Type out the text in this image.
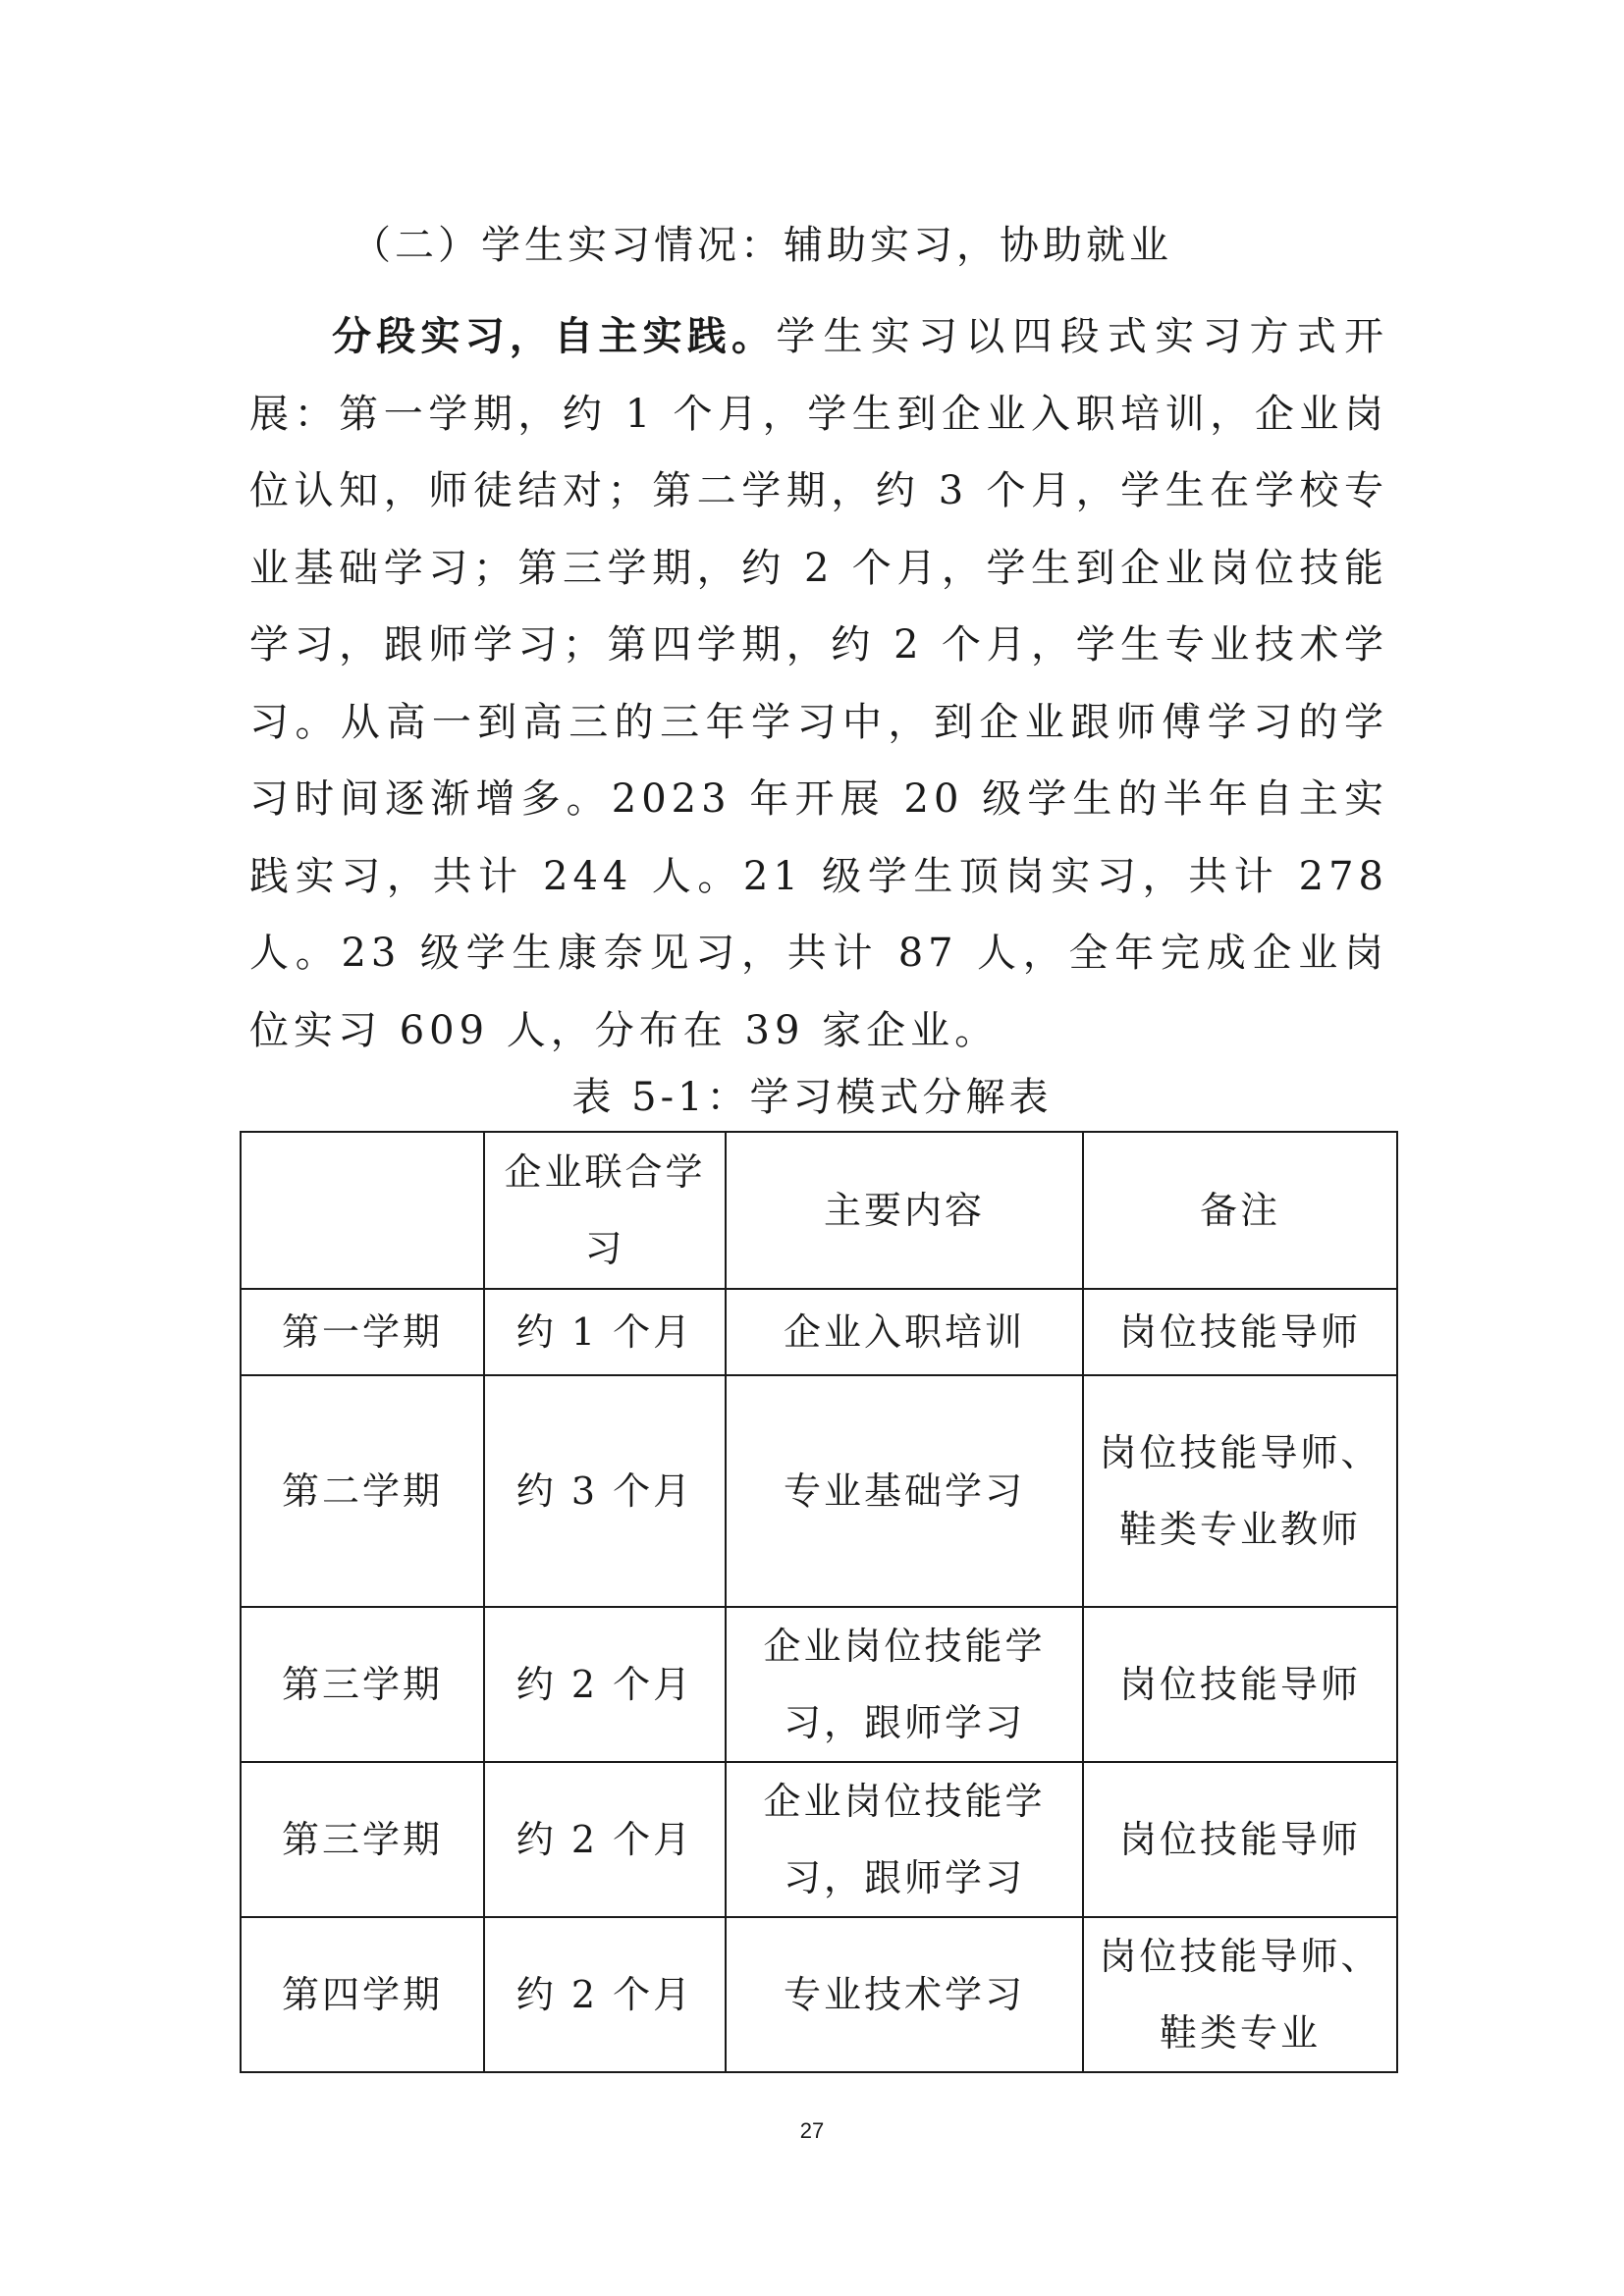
（二）学生实习情况：辅助实习，协助就业

分段实习，自主实践。学生实习以四段式实习方式开展：第一学期，约 1 个月，学生到企业入职培训，企业岗位认知，师徒结对；第二学期，约 3 个月，学生在学校专业基础学习；第三学期，约 2 个月，学生到企业岗位技能学习，跟师学习；第四学期，约 2 个月，学生专业技术学习。从高一到高三的三年学习中，到企业跟师傅学习的学习时间逐渐增多。2023 年开展 20 级学生的半年自主实践实习，共计 244 人。21 级学生顶岗实习，共计 278 人。23 级学生康奈见习，共计 87 人，全年完成企业岗位实习 609 人，分布在 39 家企业。

表 5-1：学习模式分解表
	企业联合学习	主要内容	备注
第一学期	约 1 个月	企业入职培训	岗位技能导师
第二学期	约 3 个月	专业基础学习	岗位技能导师、鞋类专业教师
第三学期	约 2 个月	企业岗位技能学习，跟师学习	岗位技能导师
第三学期	约 2 个月	企业岗位技能学习，跟师学习	岗位技能导师
第四学期	约 2 个月	专业技术学习	岗位技能导师、鞋类专业
27
